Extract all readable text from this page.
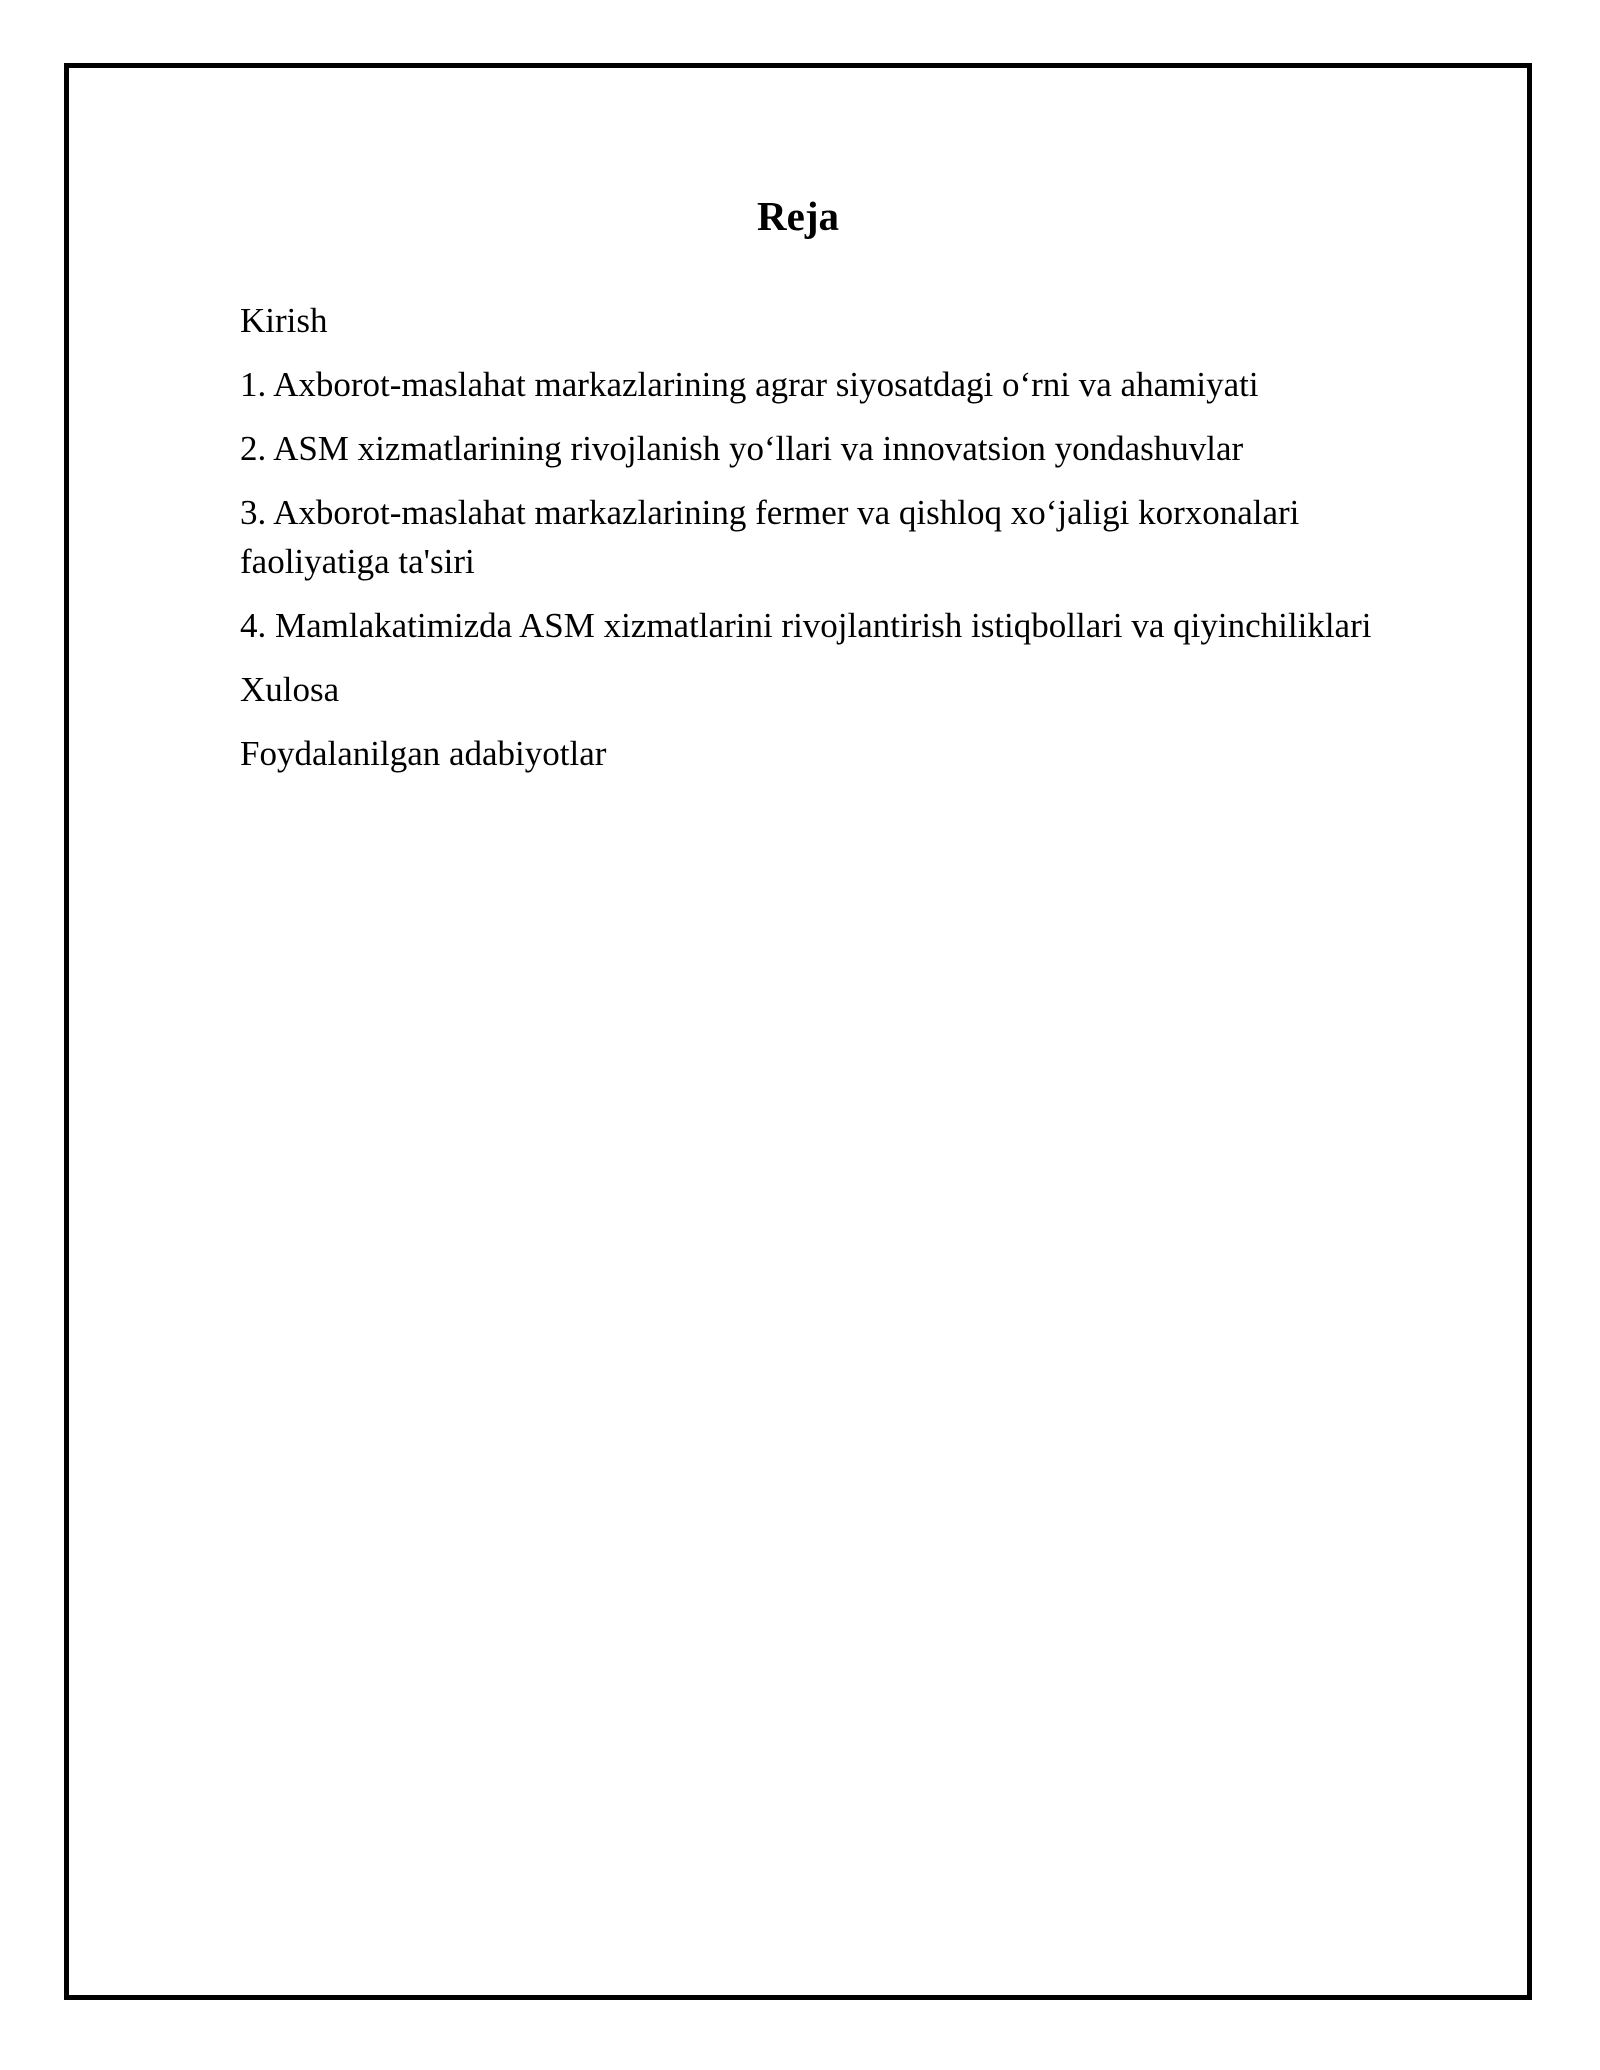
Reja
Kirish
1. Axborot-maslahat markazlarining agrar siyosatdagi o‘rni va ahamiyati
2. ASM xizmatlarining rivojlanish yo‘llari va innovatsion yondashuvlar
3. Axborot-maslahat markazlarining fermer va qishloq xo‘jaligi korxonalari faoliyatiga ta'siri
4. Mamlakatimizda ASM xizmatlarini rivojlantirish istiqbollari va qiyinchiliklari
Xulosa
Foydalanilgan adabiyotlar
